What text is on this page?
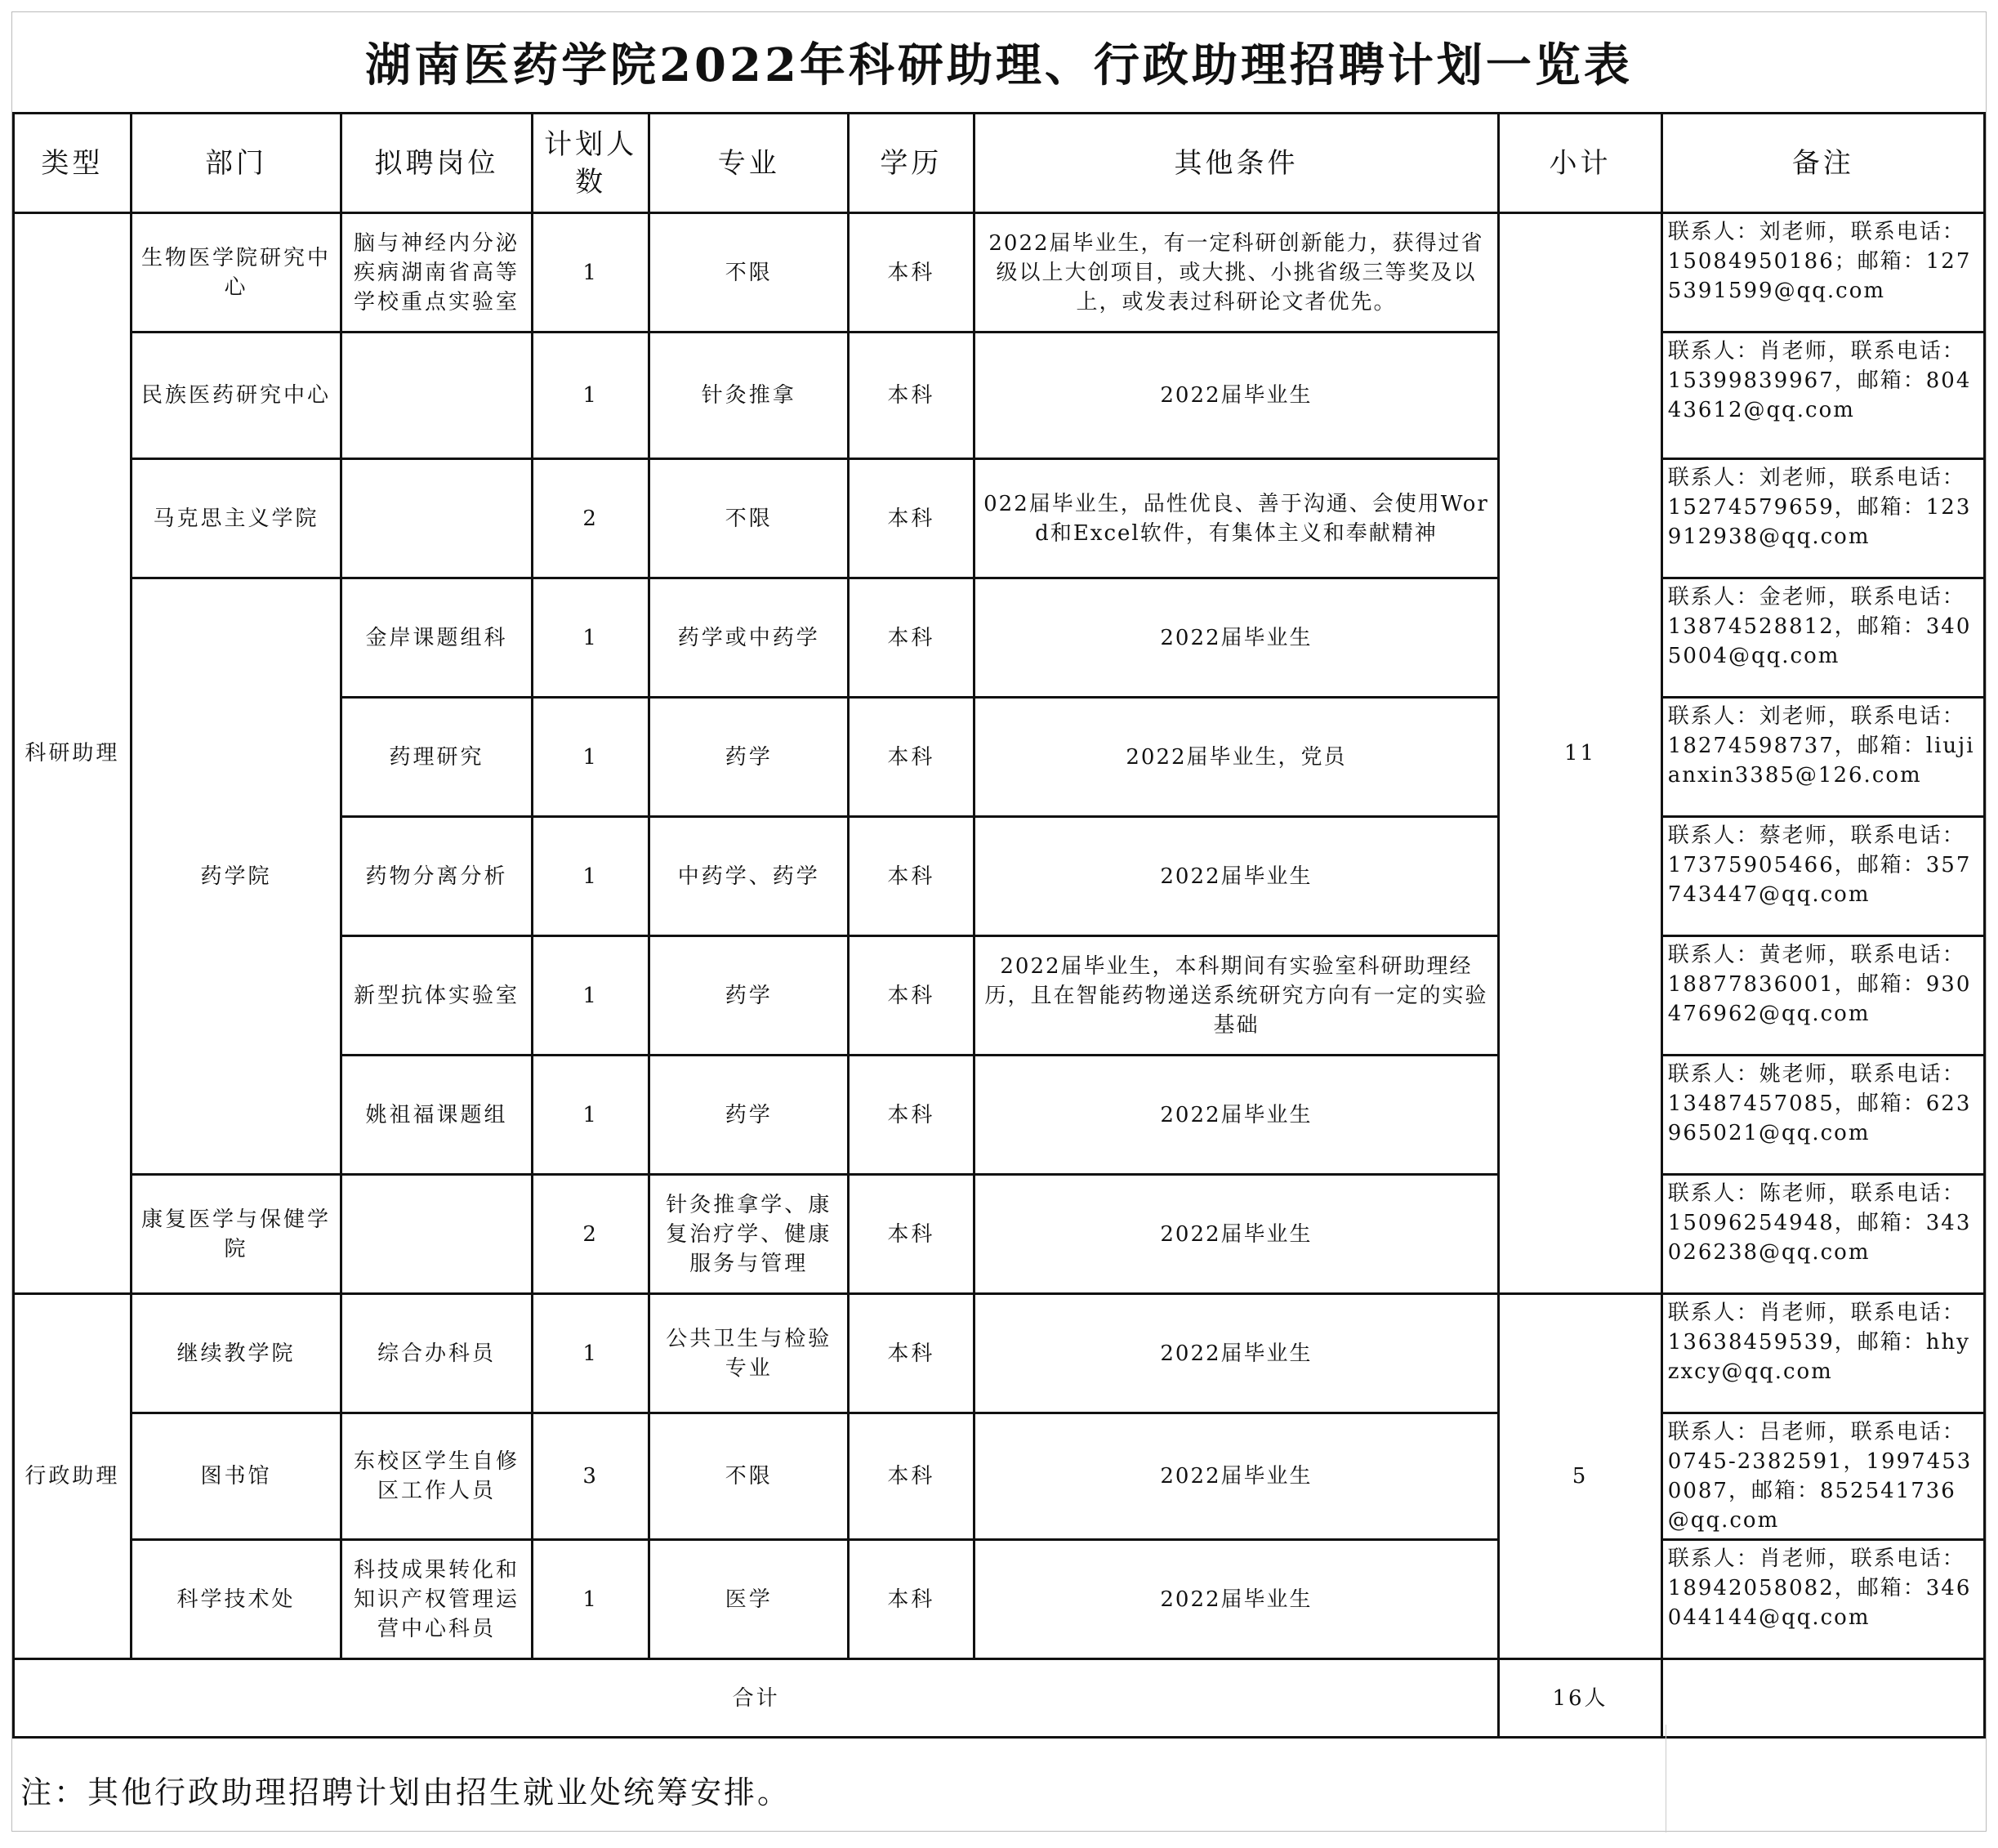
湖南医药学院2022年科研助理、行政助理招聘计划一览表
类型	部门	拟聘岗位	计划人数	专业	学历	其他条件	小计	备注
科研助理	生物医学院研究中心	脑与神经内分泌疾病湖南省高等学校重点实验室	1	不限	本科	2022届毕业生，有一定科研创新能力，获得过省级以上大创项目，或大挑、小挑省级三等奖及以上，或发表过科研论文者优先。	11	联系人：刘老师，联系电话：15084950186；邮箱：1275391599@qq.com
	民族医药研究中心		1	针灸推拿	本科	2022届毕业生		联系人：肖老师，联系电话：15399839967，邮箱：80443612@qq.com
	马克思主义学院		2	不限	本科	022届毕业生，品性优良、善于沟通、会使用Word和Excel软件，有集体主义和奉献精神		联系人：刘老师，联系电话：15274579659，邮箱：123912938@qq.com
	药学院	金岸课题组科	1	药学或中药学	本科	2022届毕业生		联系人：金老师，联系电话：13874528812，邮箱：3405004@qq.com
		药理研究	1	药学	本科	2022届毕业生，党员		联系人：刘老师，联系电话：18274598737，邮箱：liujianxin3385@126.com
		药物分离分析	1	中药学、药学	本科	2022届毕业生		联系人：蔡老师，联系电话：17375905466，邮箱：357743447@qq.com
		新型抗体实验室	1	药学	本科	2022届毕业生，本科期间有实验室科研助理经历，且在智能药物递送系统研究方向有一定的实验基础		联系人：黄老师，联系电话：18877836001，邮箱：930476962@qq.com
		姚祖福课题组	1	药学	本科	2022届毕业生		联系人：姚老师，联系电话：13487457085，邮箱：623965021@qq.com
	康复医学与保健学院		2	针灸推拿学、康复治疗学、健康服务与管理	本科	2022届毕业生		联系人：陈老师，联系电话：15096254948，邮箱：343026238@qq.com
行政助理	继续教学院	综合办科员	1	公共卫生与检验专业	本科	2022届毕业生	5	联系人：肖老师，联系电话：13638459539，邮箱：hhyzxcy@qq.com
	图书馆	东校区学生自修区工作人员	3	不限	本科	2022届毕业生		联系人：吕老师，联系电话：0745-2382591，19974530087，邮箱：852541736@qq.com
	科学技术处	科技成果转化和知识产权管理运营中心科员	1	医学	本科	2022届毕业生		联系人：肖老师，联系电话：18942058082，邮箱：346044144@qq.com
合计							16人	
注：其他行政助理招聘计划由招生就业处统筹安排。
